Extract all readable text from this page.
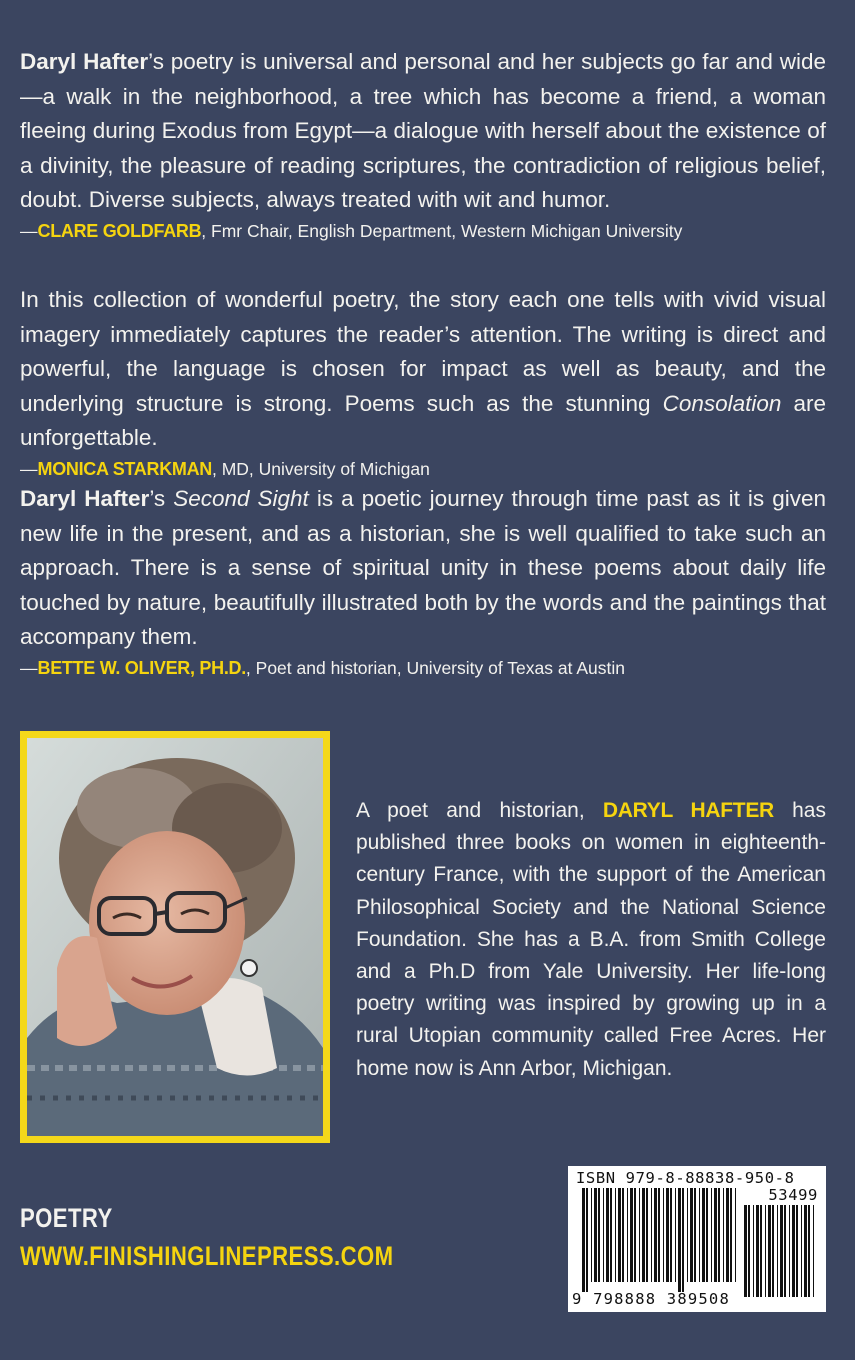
Daryl Hafter’s poetry is universal and personal and her subjects go far and wide—a walk in the neighborhood, a tree which has become a friend, a woman fleeing during Exodus from Egypt—a dialogue with herself about the existence of a divinity, the pleasure of reading scriptures, the contradiction of religious belief, doubt. Diverse subjects, always treated with wit and humor.

—CLARE GOLDFARB, Fmr Chair, English Department, Western Michigan University

In this collection of wonderful poetry, the story each one tells with vivid visual imagery immediately captures the reader’s attention. The writing is direct and powerful, the language is chosen for impact as well as beauty, and the underlying structure is strong. Poems such as the stunning Consolation are unforgettable.

—MONICA STARKMAN, MD, University of Michigan

Daryl Hafter’s Second Sight is a poetic journey through time past as it is given new life in the present, and as a historian, she is well qualified to take such an approach. There is a sense of spiritual unity in these poems about daily life touched by nature, beautifully illustrated both by the words and the paintings that accompany them.

—BETTE W. OLIVER, PH.D., Poet and historian, University of Texas at Austin
A poet and historian, DARYL HAFTER has published three books on women in eighteenth-century France, with the support of the American Philosophical Society and the National Science Foundation. She has a B.A. from Smith College and a Ph.D from Yale University. Her life-long poetry writing was inspired by growing up in a rural Utopian community called Free Acres. Her home now is Ann Arbor, Michigan.
POETRY
WWW.FINISHINGLINEPRESS.COM
ISBN 979-8-88838-950-8
53499
9 798888 389508
